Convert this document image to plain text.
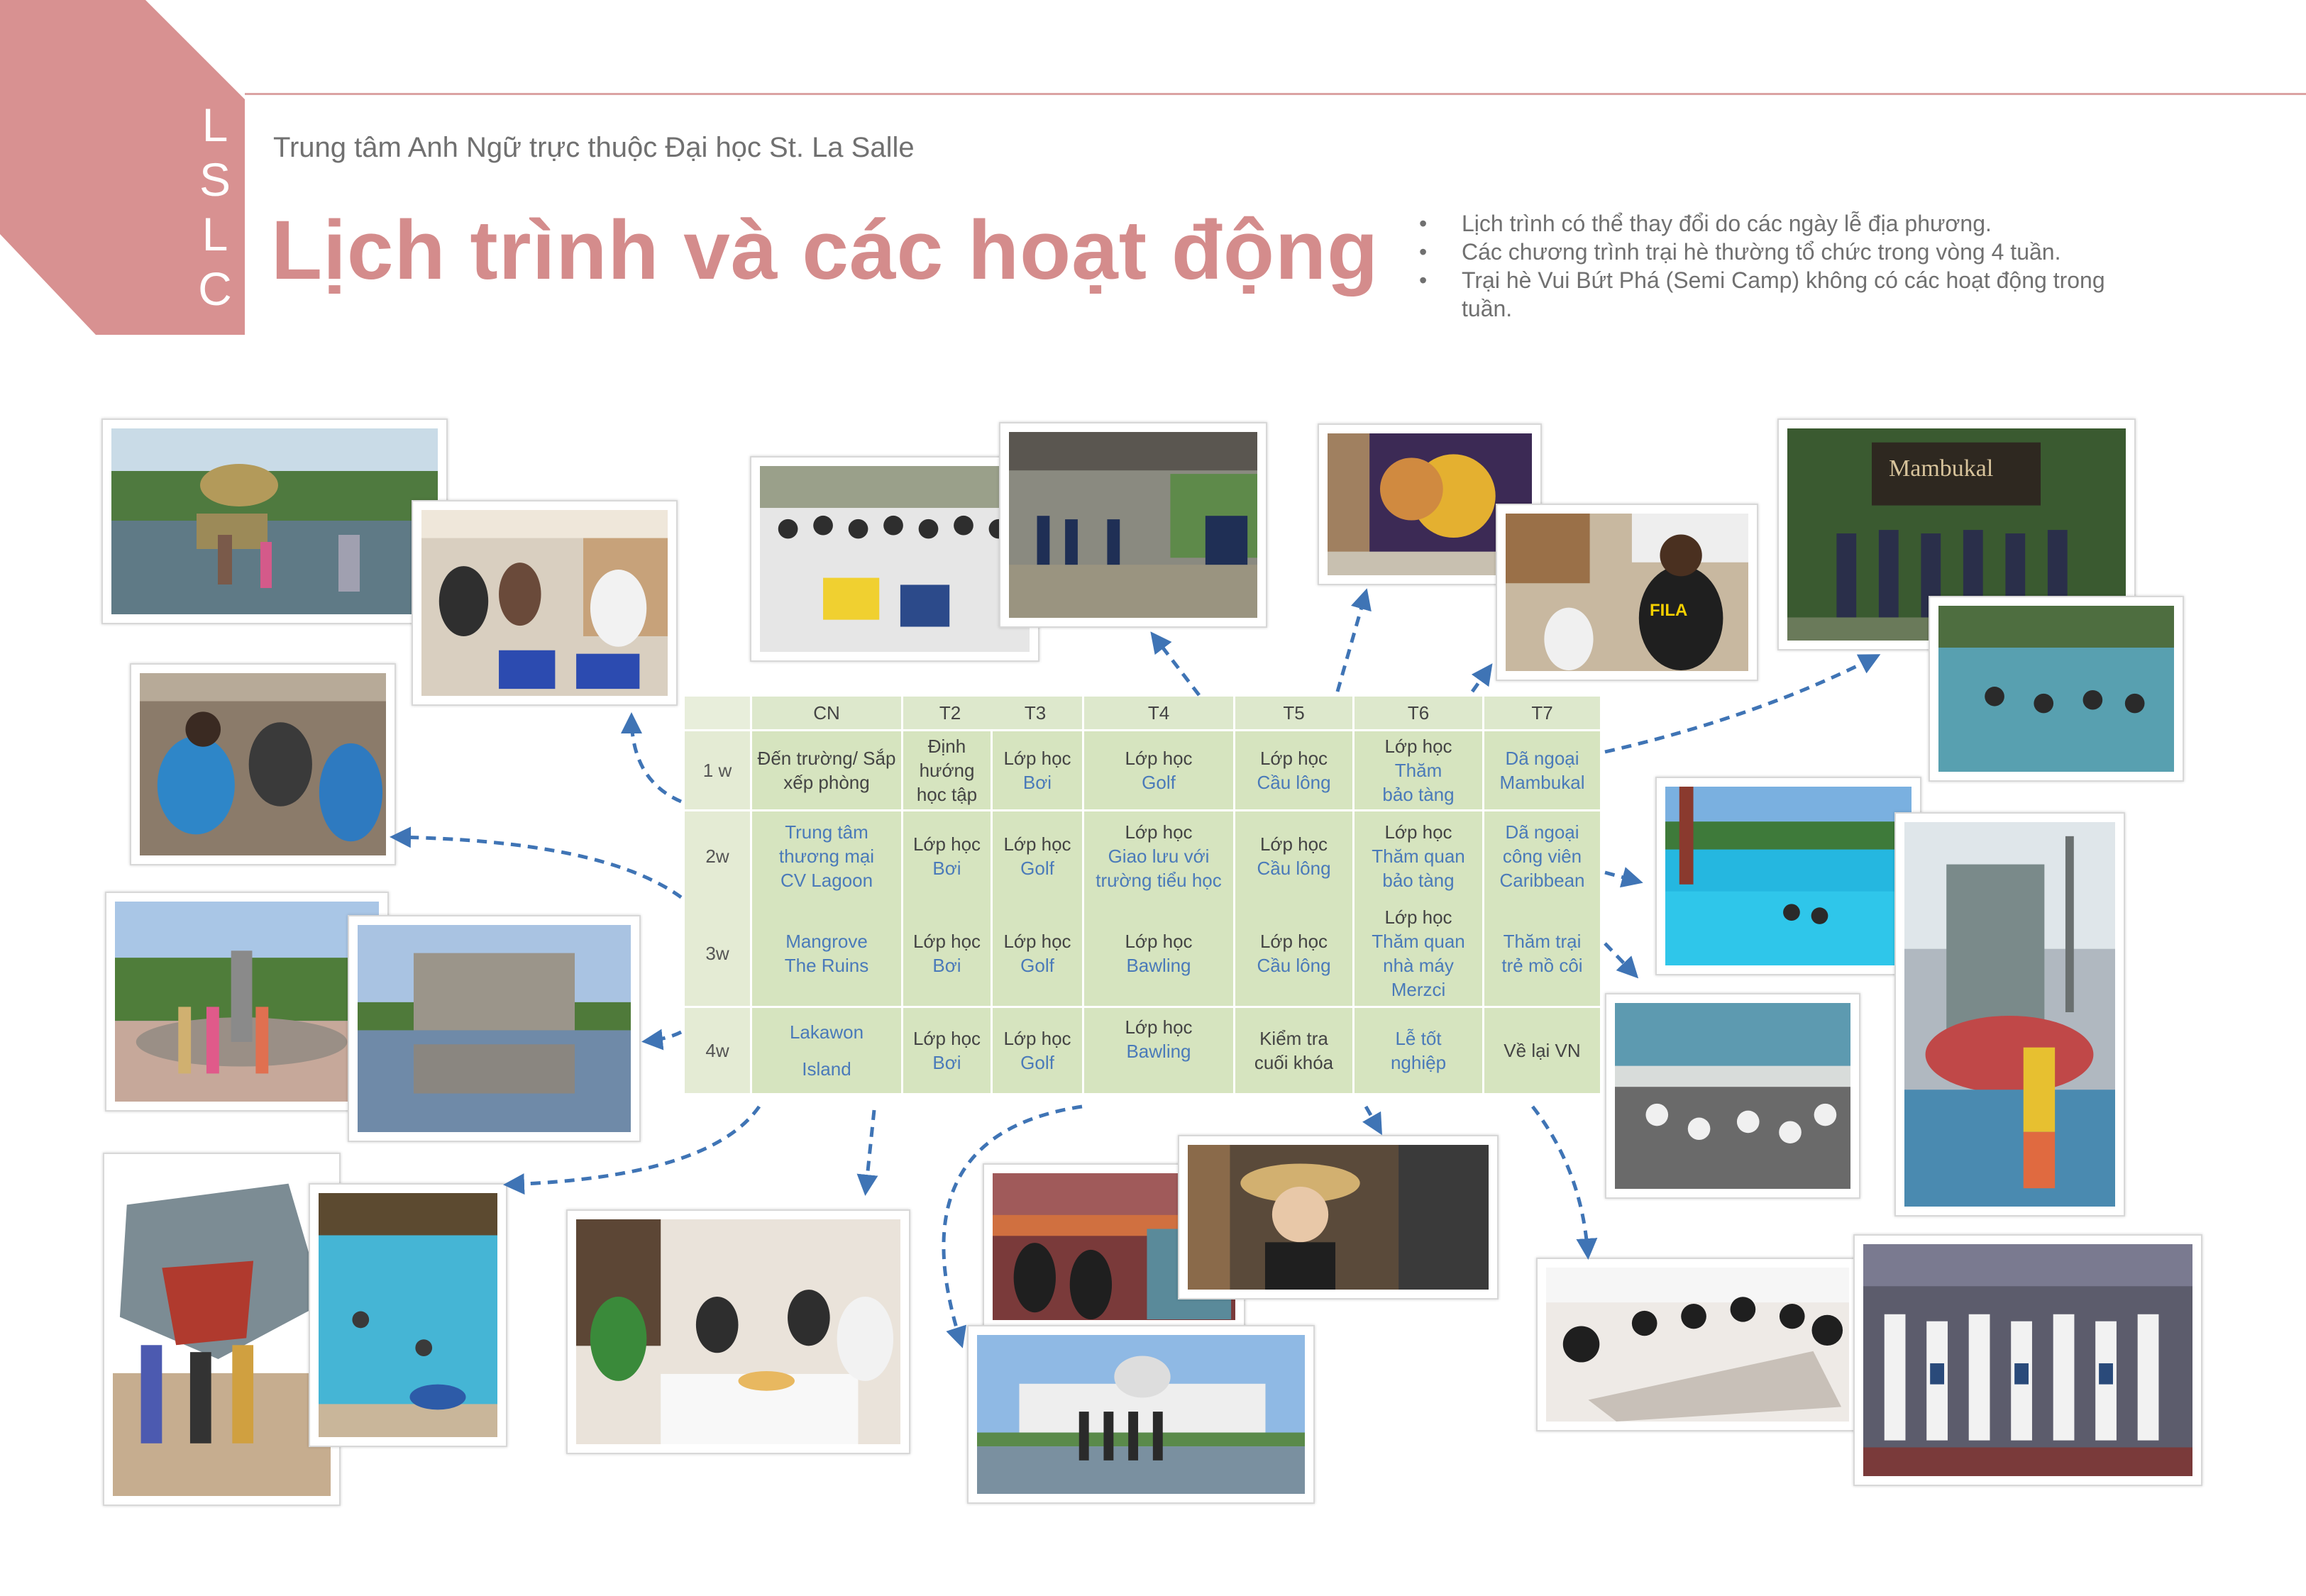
L
S
L
C
Trung tâm Anh Ngữ trực thuộc Đại học St. La Salle
Lịch trình và các hoạt động
•	Lịch trình có thể thay đổi do các ngày lễ địa phương.
• Các chương trình trại hè thường tổ chức trong vòng 4 tuần.
• Trại hè Vui Bứt Phá (Semi Camp) không có các hoạt động trong tuần.
FILA
Mambukal
CN	T2	T3	T4	T5	T6	T7
1 w
Đến trường/ Sắp xếp phòng
Định hướng học tập
Lớp học
Bơi
Lớp học
Golf
Lớp học
Cầu lông
Lớp học
Thăm bảo tàng
Dã ngoại Mambukal
2w
3w
Trung tâm thương mại CV Lagoon
Mangrove The Ruins
Lớp học
Bơi
Lớp học
Bơi
Lớp học
Golf
Lớp học
Golf
Lớp học
Giao lưu với trường tiểu học
Lớp học
Bawling
Lớp học
Cầu lông
Lớp học
Cầu lông
Lớp học
Thăm quan bảo tàng
Lớp học
Thăm quan nhà máy Merzci
Dã ngoại công viên Caribbean
Thăm trại trẻ mồ côi
4w
Lakawon
Island
Lớp học
Bơi
Lớp học
Golf
Lớp học
Bawling
Kiểm tra cuối khóa
Lễ tốt nghiệp
Về lại VN
